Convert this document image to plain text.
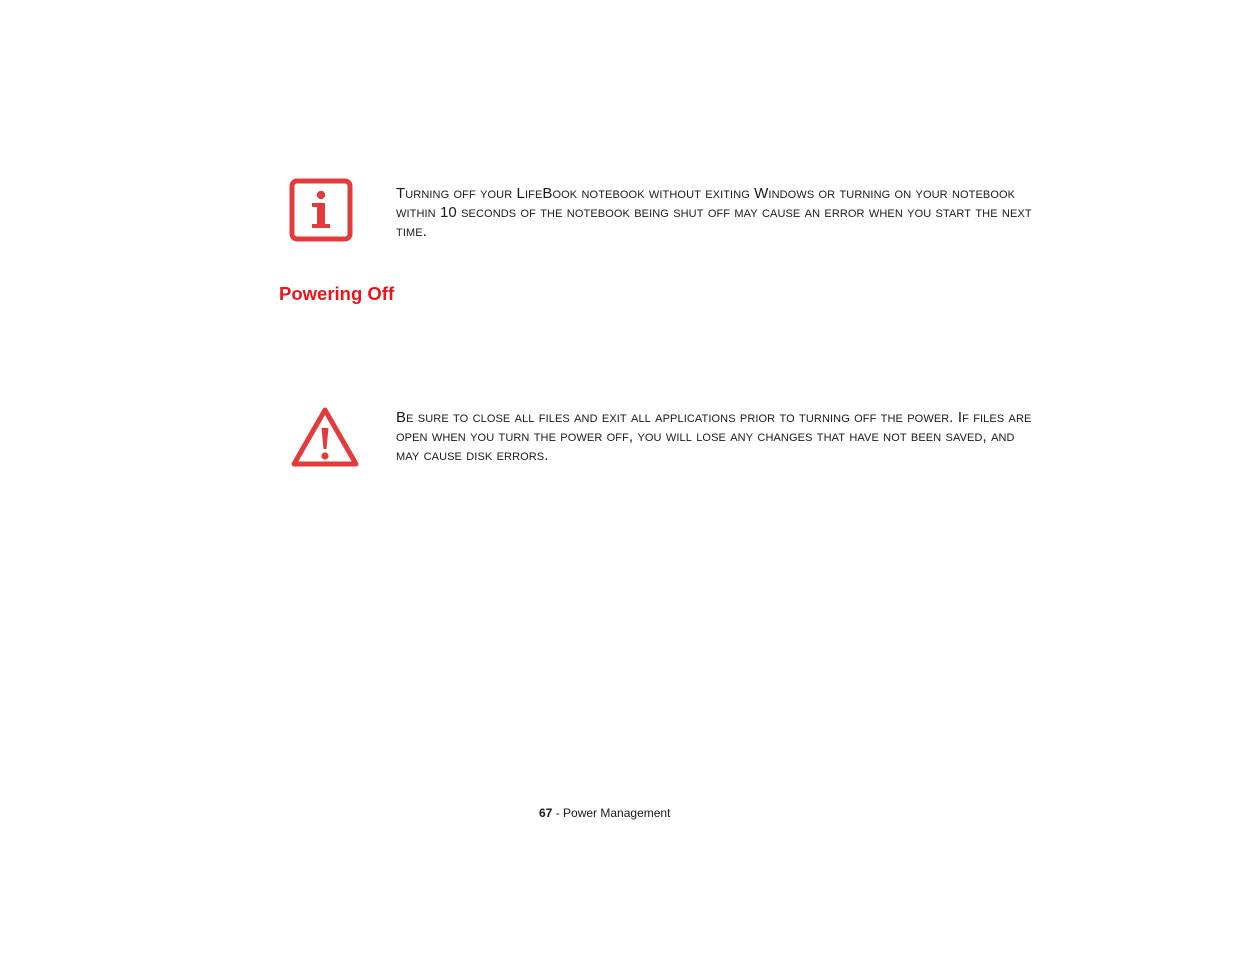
Turning off your LifeBook notebook without exiting Windows or turning on your notebook within 10 seconds of the notebook being shut off may cause an error when you start the next time.

Powering Off

Be sure to close all files and exit all applications prior to turning off the power. If files are open when you turn the power off, you will lose any changes that have not been saved, and may cause disk errors.

67 - Power Management
